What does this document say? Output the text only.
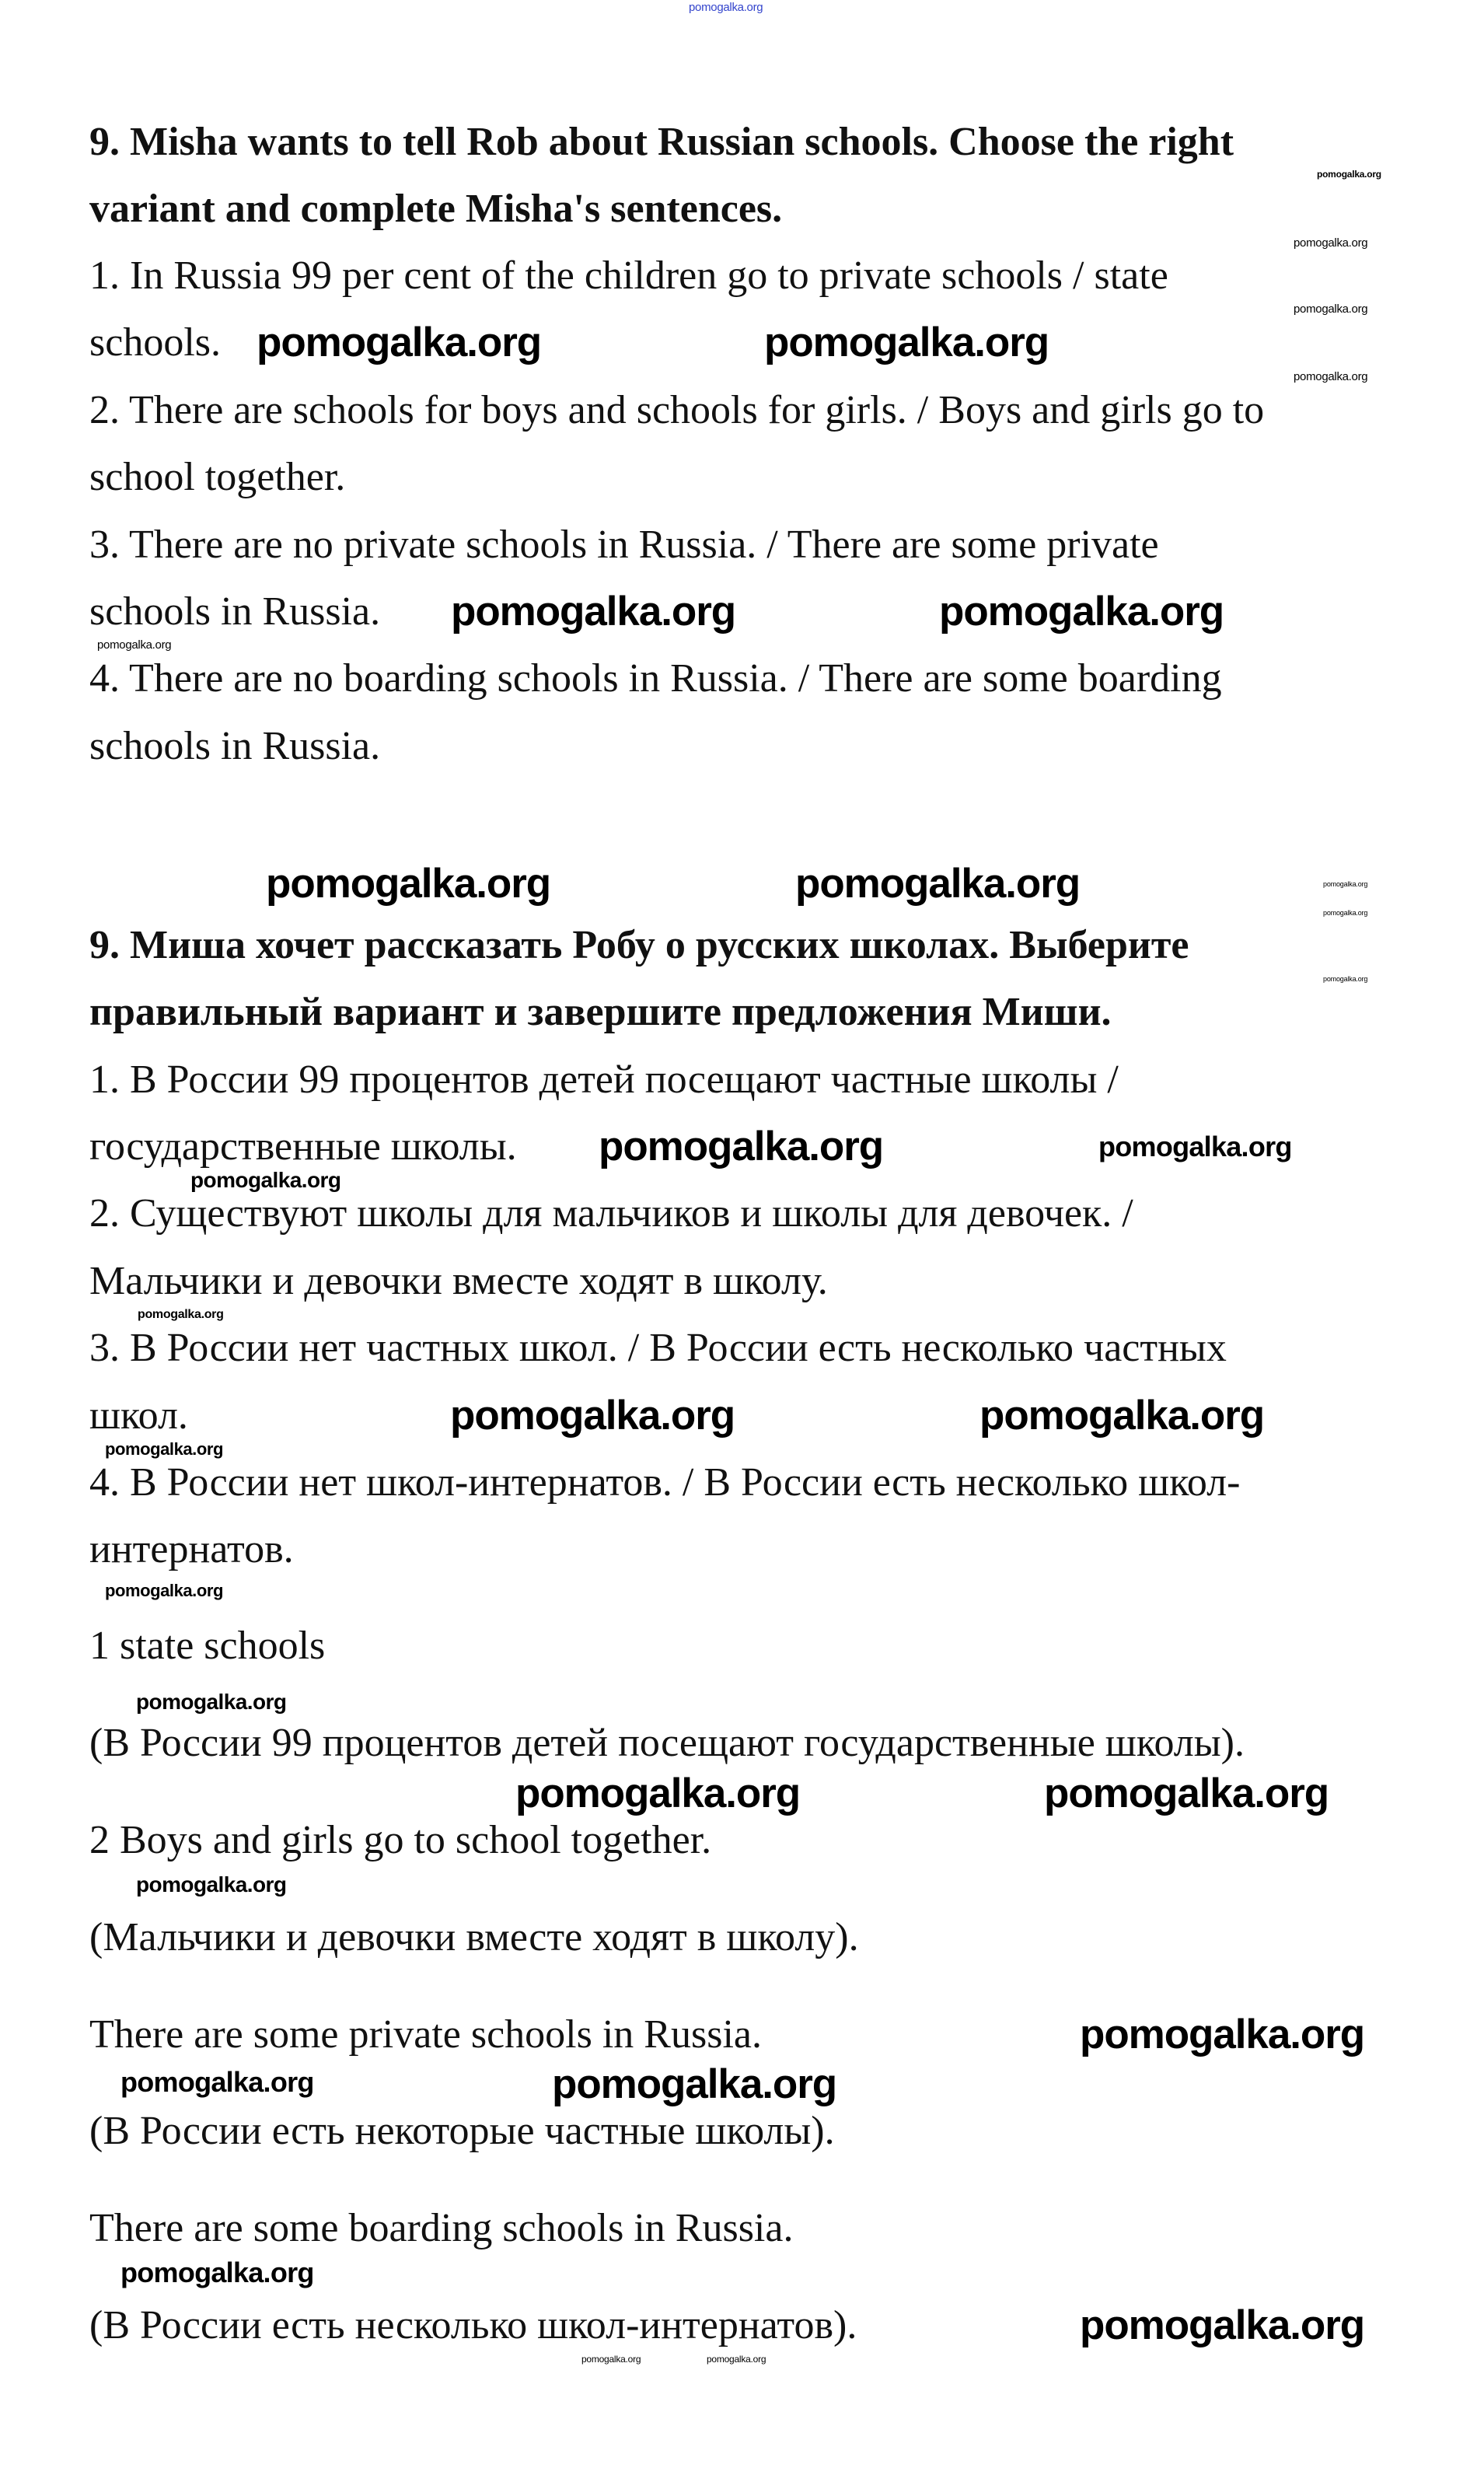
9. Misha wants to tell Rob about Russian schools. Choose the right
variant and complete Misha's sentences.
1. In Russia 99 per cent of the children go to private schools / state
schools.
2. There are schools for boys and schools for girls. / Boys and girls go to
school together.
3. There are no private schools in Russia. / There are some private
schools in Russia.
4. There are no boarding schools in Russia. / There are some boarding
schools in Russia.
9. Миша хочет рассказать Робу о русских школах. Выберите
правильный вариант и завершите предложения Миши.
1. В России 99 процентов детей посещают частные школы /
государственные школы.
2. Существуют школы для мальчиков и школы для девочек. /
Мальчики и девочки вместе ходят в школу.
3. В России нет частных школ. / В России есть несколько частных
школ.
4. В России нет школ-интернатов. / В России есть несколько школ-
интернатов.
1 state schools
(В России 99 процентов детей посещают государственные школы).
2 Boys and girls go to school together.
(Мальчики и девочки вместе ходят в школу).
There are some private schools in Russia.
(В России есть некоторые частные школы).
There are some boarding schools in Russia.
(В России есть несколько школ-интернатов).
pomogalka.org
pomogalka.org
pomogalka.org
pomogalka.org
pomogalka.org
pomogalka.org
pomogalka.org
pomogalka.org
pomogalka.org
pomogalka.org	pomogalka.org
pomogalka.org	pomogalka.org
pomogalka.org	pomogalka.org
pomogalka.org	pomogalka.org
pomogalka.org
pomogalka.org	pomogalka.org
pomogalka.org	pomogalka.org
pomogalka.org
pomogalka.org
pomogalka.org
pomogalka.org
pomogalka.org
pomogalka.org
pomogalka.org
pomogalka.org
pomogalka.org
pomogalka.org
pomogalka.org
pomogalka.org
